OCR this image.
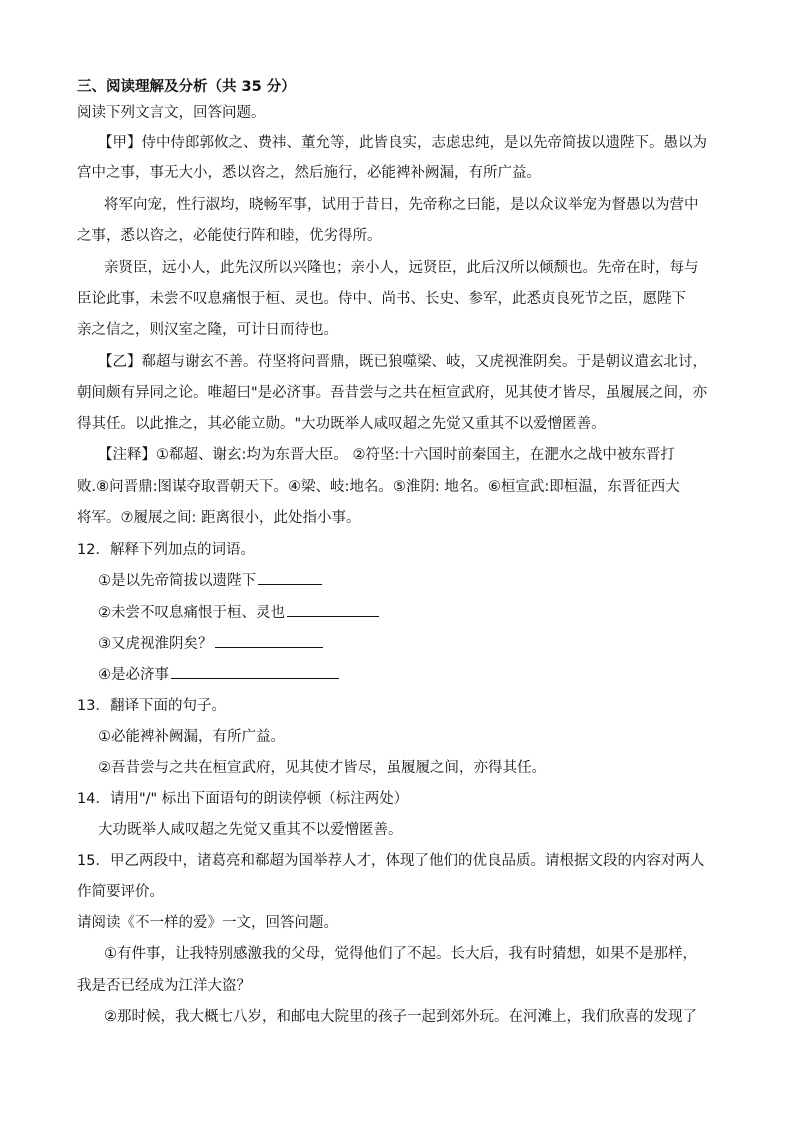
三、阅读理解及分析（共 35 分）
阅读下列文言文，回答问题。
【甲】侍中侍郎郭攸之、费祎、董允等，此皆良实，志虑忠纯，是以先帝简拔以遗陛下。愚以为
宫中之事，事无大小，悉以咨之，然后施行，必能裨补阙漏，有所广益。
将军向宠，性行淑均，晓畅军事，试用于昔日，先帝称之曰能，是以众议举宠为督愚以为营中
之事，悉以咨之，必能使行阵和睦，优劣得所。
亲贤臣，远小人，此先汉所以兴隆也；亲小人，远贤臣，此后汉所以倾颓也。先帝在时，每与
臣论此事，未尝不叹息痛恨于桓、灵也。侍中、尚书、长史、参军，此悉贞良死节之臣，愿陛下
亲之信之，则汉室之隆，可计日而待也。
【乙】郗超与谢玄不善。苻坚将问晋鼎，既已狼噬梁、岐，又虎视淮阴矣。于是朝议遣玄北讨，
朝间颇有异同之论。唯超曰"是必济事。吾昔尝与之共在桓宣武府，见其使才皆尽，虽履展之间，亦
得其任。以此推之，其必能立勋。"大功既举人咸叹超之先觉又重其不以爱憎匿善。
【注释】①郗超、谢玄:均为东晋大臣。 ②符坚:十六国时前秦国主，在淝水之战中被东晋打
败.⑧问晋鼎:图谋夺取晋朝天下。④梁、岐:地名。⑤淮阴: 地名。⑥桓宣武:即桓温，东晋征西大
将军。⑦履展之间: 距离很小，此处指小事。
12．解释下列加点的词语。
①是以先帝简拔以遗陛下
②未尝不叹息痛恨于桓、灵也
③又虎视淮阴矣？
④是必济事
13．翻译下面的句子。
①必能裨补阙漏，有所广益。
②吾昔尝与之共在桓宣武府，见其使才皆尽，虽履履之间，亦得其任。
14．请用"/" 标出下面语句的朗读停顿（标注两处）
大功既举人咸叹超之先觉又重其不以爱憎匿善。
15．甲乙两段中，诸葛亮和郗超为国举荐人才，体现了他们的优良品质。请根据文段的内容对两人
作简要评价。
请阅读《不一样的爱》一文，回答问题。
①有件事，让我特别感激我的父母，觉得他们了不起。长大后，我有时猜想，如果不是那样，
我是否已经成为江洋大盗？
②那时候，我大概七八岁，和邮电大院里的孩子一起到郊外玩。在河滩上，我们欣喜的发现了
